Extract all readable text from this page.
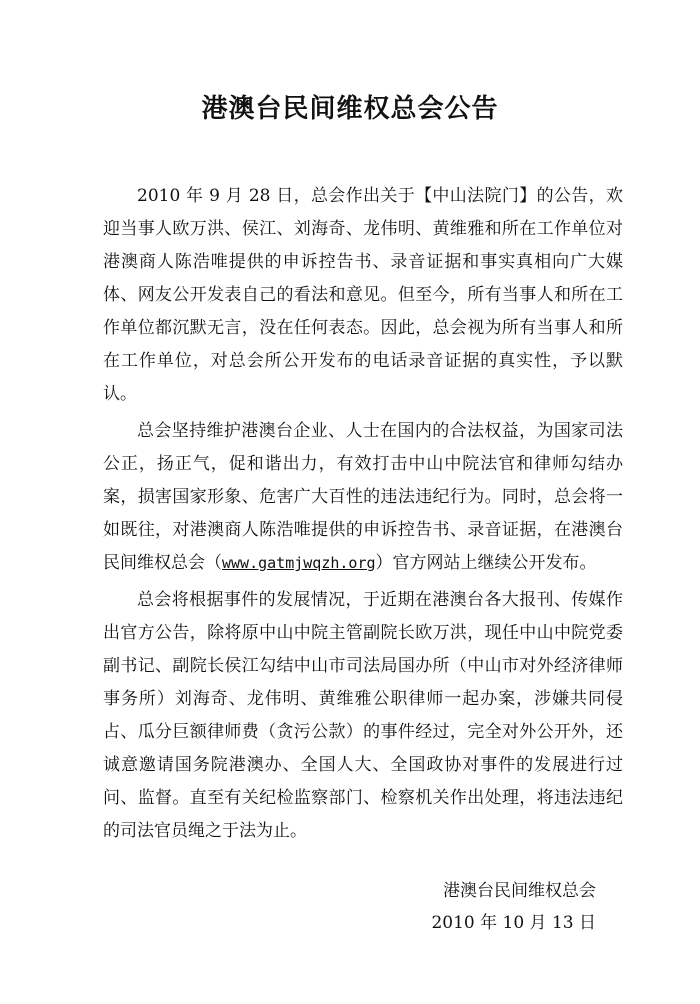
港澳台民间维权总会公告

2010 年 9 月 28 日，总会作出关于【中山法院门】的公告，欢迎当事人欧万洪、侯江、刘海奇、龙伟明、黄维雅和所在工作单位对港澳商人陈浩唯提供的申诉控告书、录音证据和事实真相向广大媒体、网友公开发表自己的看法和意见。但至今，所有当事人和所在工作单位都沉默无言，没在任何表态。因此，总会视为所有当事人和所在工作单位，对总会所公开发布的电话录音证据的真实性，予以默认。

总会坚持维护港澳台企业、人士在国内的合法权益，为国家司法公正，扬正气，促和谐出力，有效打击中山中院法官和律师勾结办案，损害国家形象、危害广大百性的违法违纪行为。同时，总会将一如既往，对港澳商人陈浩唯提供的申诉控告书、录音证据，在港澳台民间维权总会（www.gatmjwqzh.org）官方网站上继续公开发布。

总会将根据事件的发展情况，于近期在港澳台各大报刊、传媒作出官方公告，除将原中山中院主管副院长欧万洪，现任中山中院党委副书记、副院长侯江勾结中山市司法局国办所（中山市对外经济律师事务所）刘海奇、龙伟明、黄维雅公职律师一起办案，涉嫌共同侵占、瓜分巨额律师费（贪污公款）的事件经过，完全对外公开外，还诚意邀请国务院港澳办、全国人大、全国政协对事件的发展进行过问、监督。直至有关纪检监察部门、检察机关作出处理，将违法违纪的司法官员绳之于法为止。

港澳台民间维权总会
2010 年 10 月 13 日
